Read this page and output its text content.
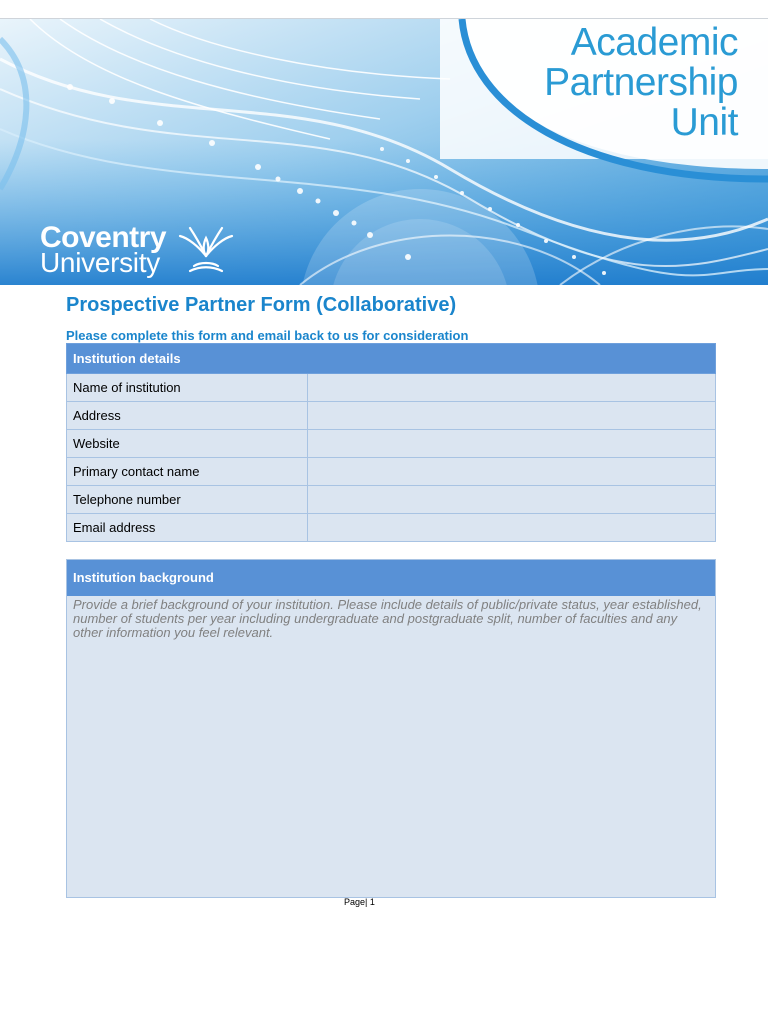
Academic
Partnership
Unit
Coventry
University
Prospective Partner Form (Collaborative)

Please complete this form and email back to us for consideration

Institution details	
Name of institution	
Address	
Website	
Primary contact name	
Telephone number	
Email address	
Institution background
Provide a brief background of your institution. Please include details of public/private status, year established, number of students per year including undergraduate and postgraduate split, number of faculties and any other information you feel relevant.
Page| 1
